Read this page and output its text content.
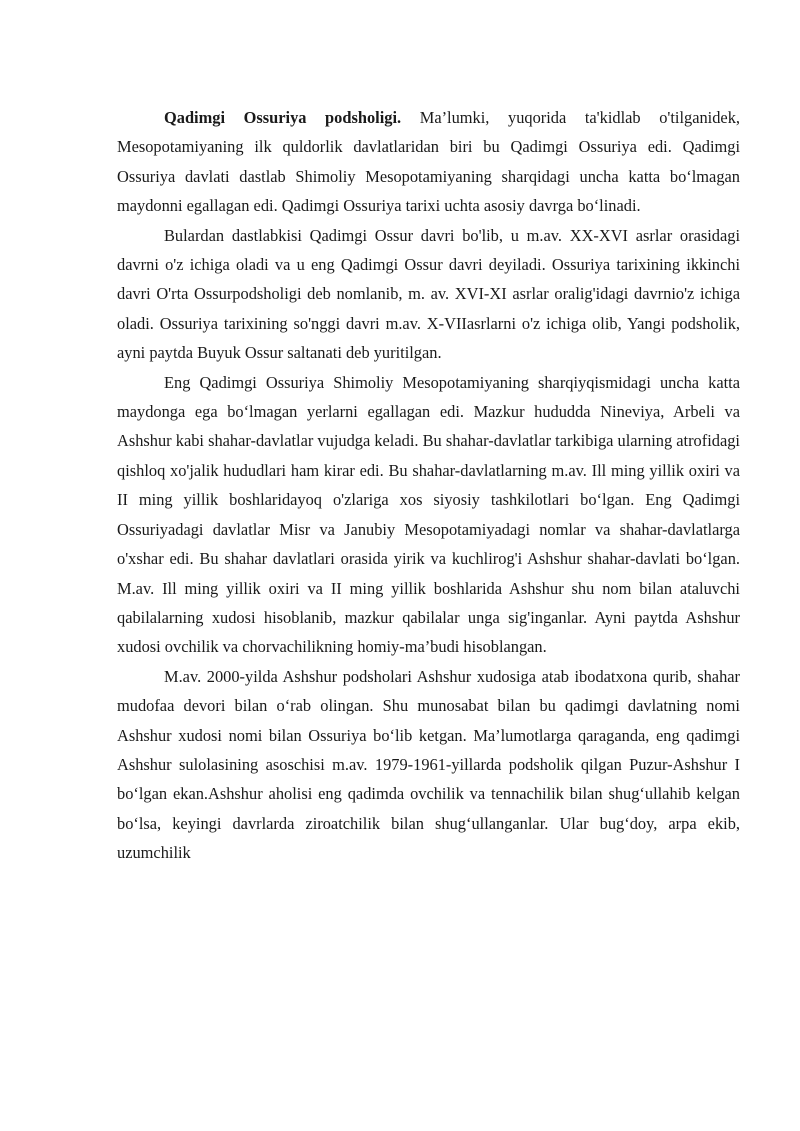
Qadimgi Ossuriya podsholigi. Ma’lumki, yuqorida ta'kidlab o'tilganidek, Mesopotamiyaning ilk quldorlik davlatlaridan biri bu Qadimgi Ossuriya edi. Qadimgi Ossuriya davlati dastlab Shimoliy Mesopotamiyaning sharqidagi uncha katta bo‘lmagan maydonni egallagan edi. Qadimgi Ossuriya tarixi uchta asosiy davrga bo‘linadi.

Bulardan dastlabkisi Qadimgi Ossur davri bo'lib, u m.av. XX-XVI asrlar orasidagi davrni o'z ichiga oladi va u eng Qadimgi Ossur davri deyiladi. Ossuriya tarixining ikkinchi davri O'rta Ossurpodsholigi deb nomlanib, m. av. XVI-XI asrlar oralig'idagi davrnio'z ichiga oladi. Ossuriya tarixining so'nggi davri m.av. X-VIIasrlarni o'z ichiga olib, Yangi podsholik, ayni paytda Buyuk Ossur saltanati deb yuritilgan.

Eng Qadimgi Ossuriya Shimoliy Mesopotamiyaning sharqiyqismidagi uncha katta maydonga ega bo‘lmagan yerlarni egallagan edi. Mazkur hududda Nineviya, Arbeli va Ashshur kabi shahar-davlatlar vujudga keladi. Bu shahar-davlatlar tarkibiga ularning atrofidagi qishloq xo'jalik hududlari ham kirar edi. Bu shahar-davlatlarning m.av. Ill ming yillik oxiri va II ming yillik boshlaridayoq o'zlariga xos siyosiy tashkilotlari bo‘lgan. Eng Qadimgi Ossuriyadagi davlatlar Misr va Janubiy Mesopotamiyadagi nomlar va shahar-davlatlarga o'xshar edi. Bu shahar davlatlari orasida yirik va kuchlirog'i Ashshur shahar-davlati bo‘lgan. M.av. Ill ming yillik oxiri va II ming yillik boshlarida Ashshur shu nom bilan ataluvchi qabilalarning xudosi hisoblanib, mazkur qabilalar unga sig'inganlar. Ayni paytda Ashshur xudosi ovchilik va chorvachilikning homiy-ma’budi hisoblangan.

M.av. 2000-yilda Ashshur podsholari Ashshur xudosiga atab ibodatxona qurib, shahar mudofaa devori bilan o‘rab olingan. Shu munosabat bilan bu qadimgi davlatning nomi Ashshur xudosi nomi bilan Ossuriya bo‘lib ketgan. Ma’lumotlarga qaraganda, eng qadimgi Ashshur sulolasining asoschisi m.av. 1979-1961-yillarda podsholik qilgan Puzur-Ashshur I bo‘lgan ekan.Ashshur aholisi eng qadimda ovchilik va tennachilik bilan shug‘ullahib kelgan bo‘lsa, keyingi davrlarda ziroatchilik bilan shug‘ullanganlar. Ular bug‘doy, arpa ekib, uzumchilik
